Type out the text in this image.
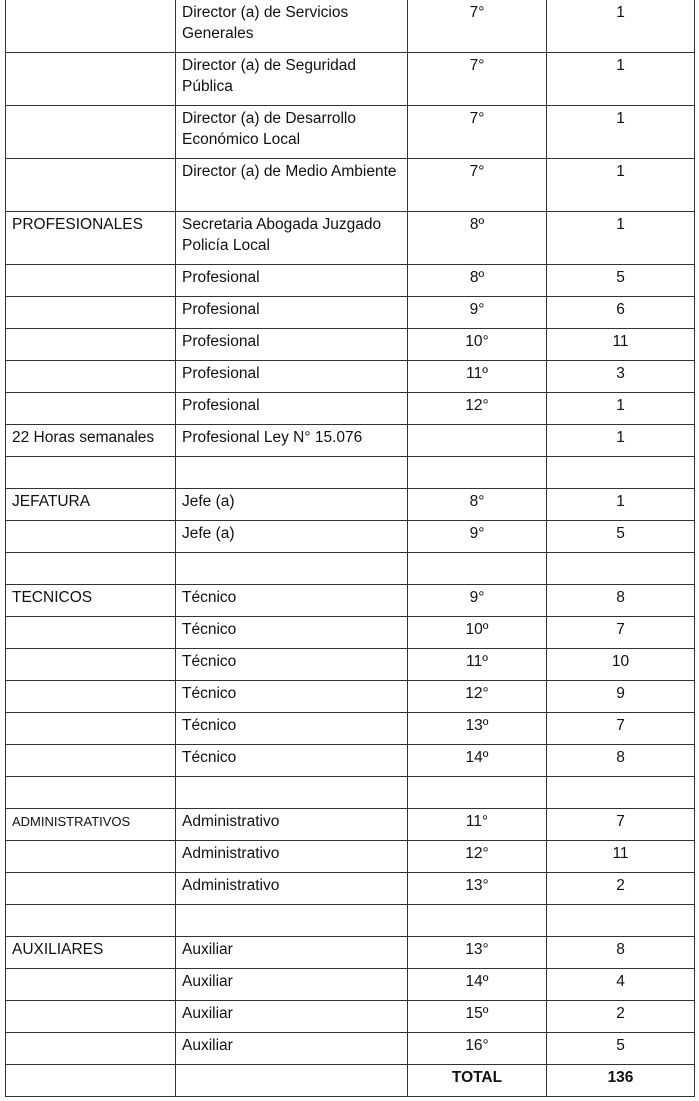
	Director (a) de Servicios Generales	7°	1
	Director (a) de Seguridad Pública	7°	1
	Director (a) de Desarrollo Económico Local	7°	1
	Director (a) de Medio Ambiente	7°	1
PROFESIONALES	Secretaria Abogada Juzgado Policía Local	8º	1
	Profesional	8º	5
	Profesional	9°	6
	Profesional	10°	11
	Profesional	11º	3
	Profesional	12°	1
22 Horas semanales	Profesional Ley N° 15.076		1

JEFATURA	Jefe (a)	8°	1
	Jefe (a)	9°	5

TECNICOS	Técnico	9°	8
	Técnico	10º	7
	Técnico	11º	10
	Técnico	12°	9
	Técnico	13º	7
	Técnico	14º	8

ADMINISTRATIVOS	Administrativo	11°	7
	Administrativo	12°	11
	Administrativo	13°	2

AUXILIARES	Auxiliar	13°	8
	Auxiliar	14º	4
	Auxiliar	15º	2
	Auxiliar	16°	5
		TOTAL	136
